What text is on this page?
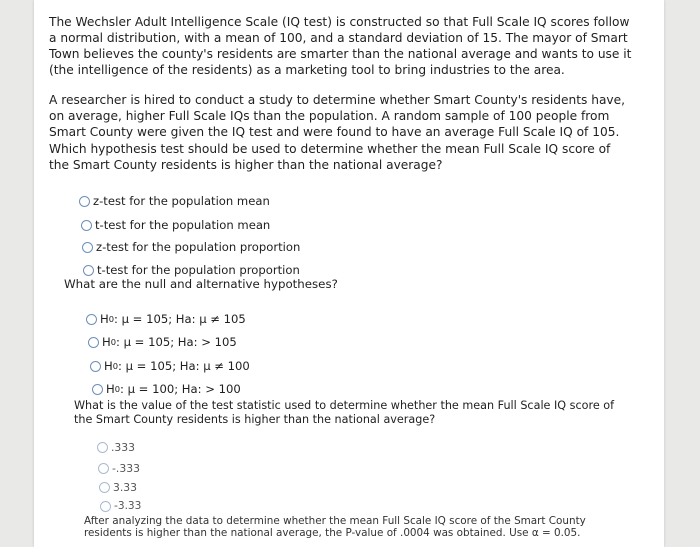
The Wechsler Adult Intelligence Scale (IQ test) is constructed so that Full Scale IQ scores follow a normal distribution, with a mean of 100, and a standard deviation of 15. The mayor of Smart Town believes the county's residents are smarter than the national average and wants to use it (the intelligence of the residents) as a marketing tool to bring industries to the area.
A researcher is hired to conduct a study to determine whether Smart County's residents have, on average, higher Full Scale IQs than the population. A random sample of 100 people from Smart County were given the IQ test and were found to have an average Full Scale IQ of 105.
Which hypothesis test should be used to determine whether the mean Full Scale IQ score of the Smart County residents is higher than the national average?
z-test for the population mean
t-test for the population mean
z-test for the population proportion
t-test for the population proportion
What are the null and alternative hypotheses?
H 0 : μ = 105; Ha: μ ≠ 105
H 0 : μ = 105; Ha: > 105
H 0 : μ = 105; Ha: μ ≠ 100
H 0 : μ = 100; Ha: > 100
What is the value of the test statistic used to determine whether the mean Full Scale IQ score of the Smart County residents is higher than the national average?
.333
-.333
3.33
-3.33
After analyzing the data to determine whether the mean Full Scale IQ score of the Smart County residents is higher than the national average, the P-value of .0004 was obtained. Use α = 0.05.
